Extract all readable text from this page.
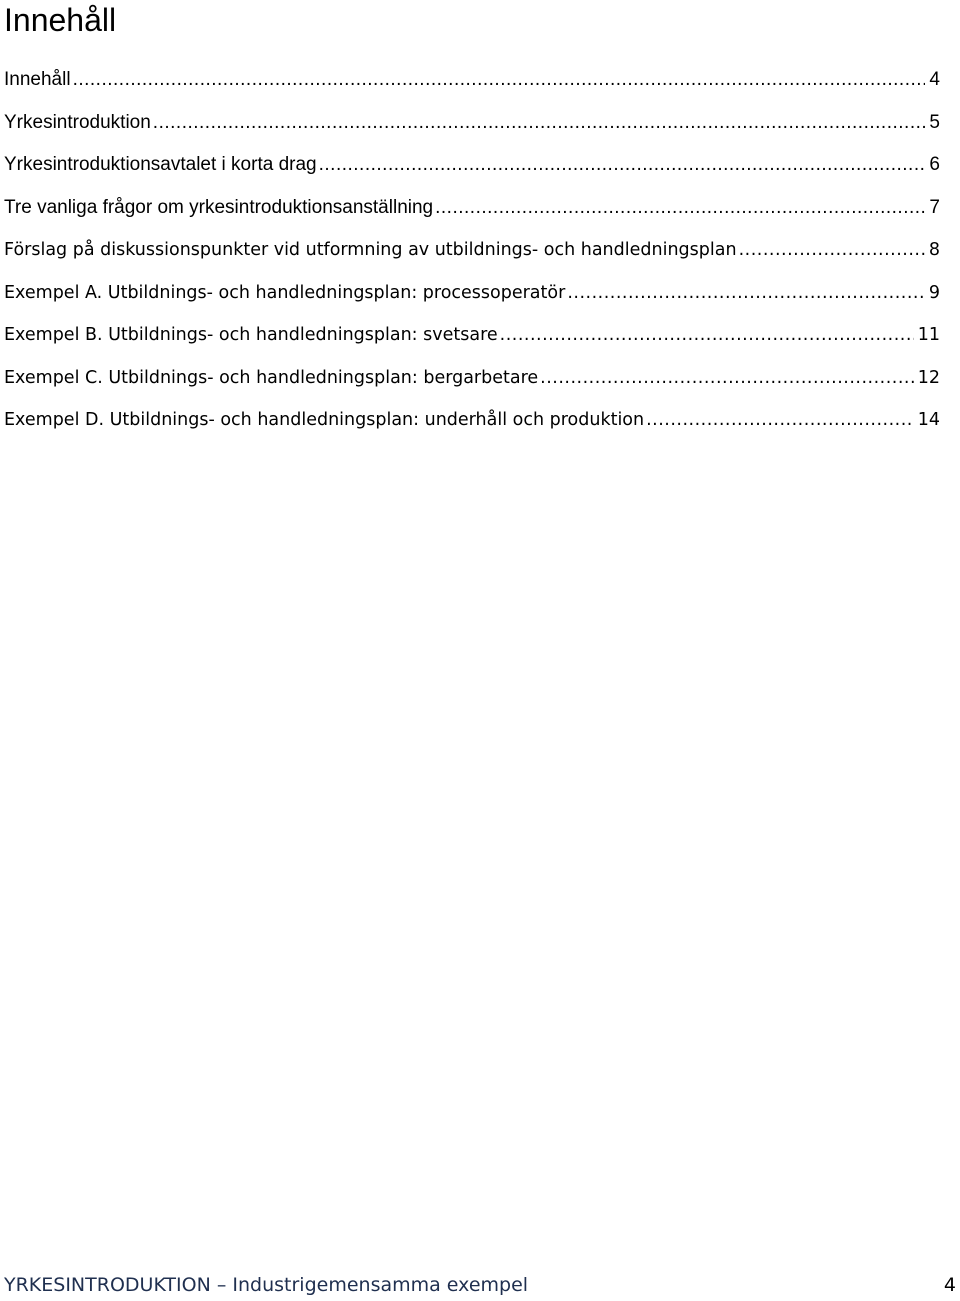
Innehåll
Innehåll .....	4
Yrkesintroduktion .....	5
Yrkesintroduktionsavtalet i korta drag .....	6
Tre vanliga frågor om yrkesintroduktionsanställning .....	7
Förslag på diskussionspunkter vid utformning av utbildnings- och handledningsplan .....	8
Exempel A. Utbildnings- och handledningsplan: processoperatör .....	9
Exempel B. Utbildnings- och handledningsplan: svetsare .....	11
Exempel C. Utbildnings- och handledningsplan: bergarbetare .....	12
Exempel D. Utbildnings- och handledningsplan: underhåll och produktion .....	14
YRKESINTRODUKTION – Industrigemensamma exempel	4
